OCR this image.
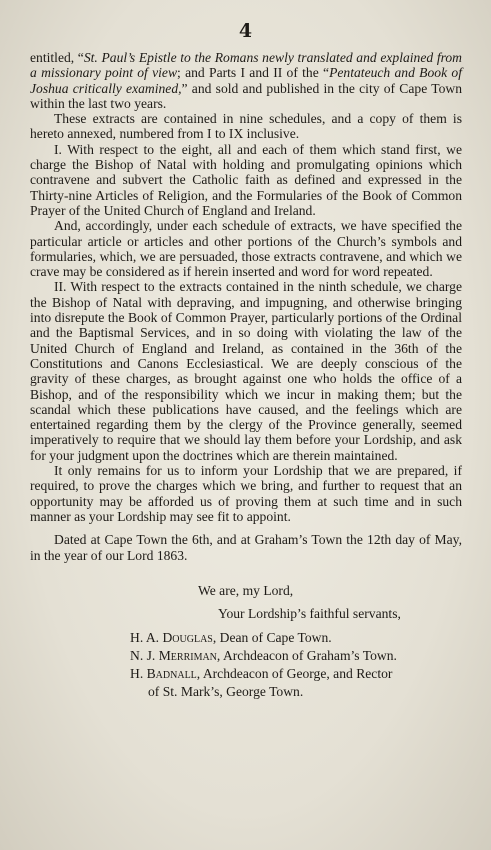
4

entitled, “St. Paul’s Epistle to the Romans newly translated and explained from a missionary point of view; and Parts I and II of the “Pentateuch and Book of Joshua critically examined,” and sold and published in the city of Cape Town within the last two years.

These extracts are contained in nine schedules, and a copy of them is hereto annexed, numbered from I to IX inclusive.

I. With respect to the eight, all and each of them which stand first, we charge the Bishop of Natal with holding and promulgating opinions which contravene and subvert the Catholic faith as defined and expressed in the Thirty-nine Articles of Religion, and the Formularies of the Book of Common Prayer of the United Church of England and Ireland.

And, accordingly, under each schedule of extracts, we have specified the particular article or articles and other portions of the Church’s symbols and formularies, which, we are persuaded, those extracts contravene, and which we crave may be considered as if herein inserted and word for word repeated.

II. With respect to the extracts contained in the ninth schedule, we charge the Bishop of Natal with depraving, and impugning, and otherwise bringing into disrepute the Book of Common Prayer, particularly portions of the Ordinal and the Baptismal Services, and in so doing with violating the law of the United Church of England and Ireland, as contained in the 36th of the Constitutions and Canons Ecclesiastical. We are deeply conscious of the gravity of these charges, as brought against one who holds the office of a Bishop, and of the responsibility which we incur in making them; but the scandal which these publications have caused, and the feelings which are entertained regarding them by the clergy of the Province generally, seemed imperatively to require that we should lay them before your Lordship, and ask for your judgment upon the doctrines which are therein maintained.

It only remains for us to inform your Lordship that we are prepared, if required, to prove the charges which we bring, and further to request that an opportunity may be afforded us of proving them at such time and in such manner as your Lordship may see fit to appoint.

Dated at Cape Town the 6th, and at Graham’s Town the 12th day of May, in the year of our Lord 1863.

We are, my Lord,
Your Lordship’s faithful servants,
H. A. Douglas, Dean of Cape Town.
N. J. Merriman, Archdeacon of Graham’s Town.
H. Badnall, Archdeacon of George, and Rector
of St. Mark’s, George Town.
